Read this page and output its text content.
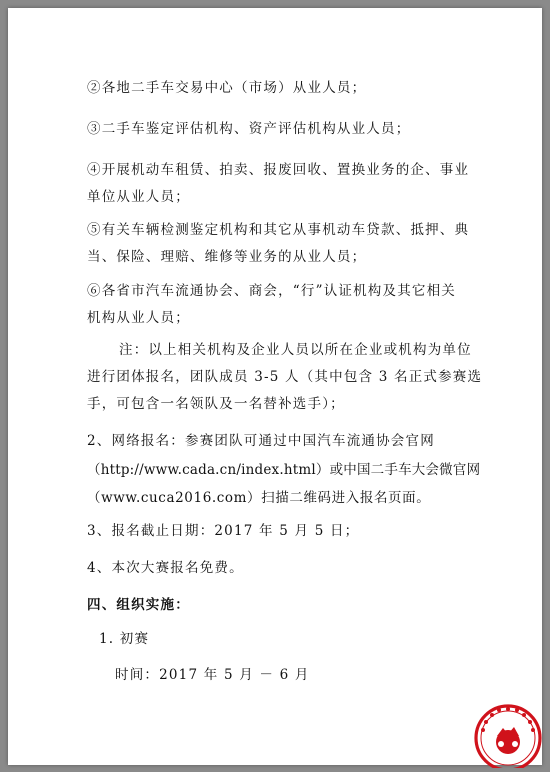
②各地二手车交易中心（市场）从业人员；
③二手车鉴定评估机构、资产评估机构从业人员；
④开展机动车租赁、拍卖、报废回收、置换业务的企、事业
单位从业人员；
⑤有关车辆检测鉴定机构和其它从事机动车贷款、抵押、典
当、保险、理赔、维修等业务的从业人员；
⑥各省市汽车流通协会、商会，“行”认证机构及其它相关
机构从业人员；
注：以上相关机构及企业人员以所在企业或机构为单位
进行团体报名，团队成员 3-5 人（其中包含 3 名正式参赛选
手，可包含一名领队及一名替补选手）；
2、网络报名：参赛团队可通过中国汽车流通协会官网
（http://www.cada.cn/index.html）或中国二手车大会微官网
（www.cuca2016.com）扫描二维码进入报名页面。
3、报名截止日期：2017 年 5 月 5 日；
4、本次大赛报名免费。
四、组织实施：
1. 初赛
时间：2017 年 5 月 － 6 月
